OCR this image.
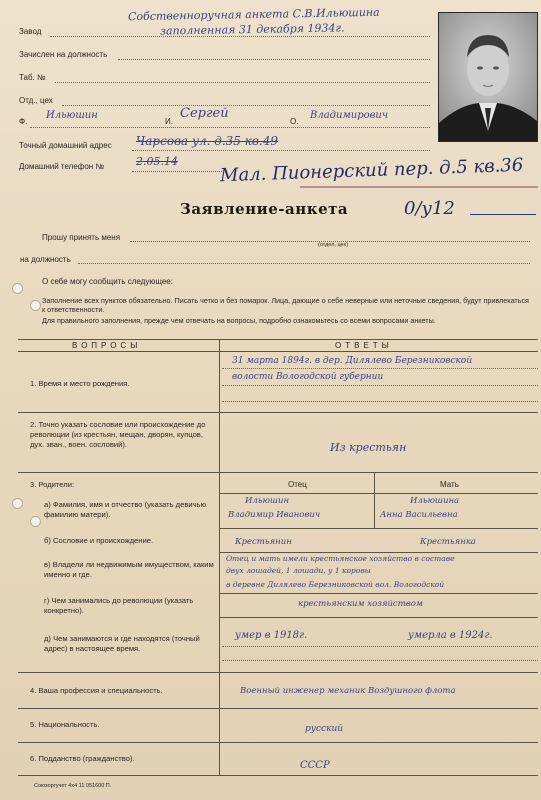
Собственноручная анкета С.В.Ильюшина
заполненная 31 декабря 1934г.
Завод
Зачислен на должность
Таб. №
Отд., цех
Ф.
Ильюшин
И.
Сергей
О.
Владимирович
Точный домашний адрес Чарсова ул. д.35 кв.49
Домашний телефон №	2.05.14 Мал. Пионерский пер. д.5 кв.36
Заявление-анкета	0/у12
Прошу принять меня
(отдел, цех)
на должность
О себе могу сообщить следующее:
Заполнение всех пунктов обязательно. Писать четко и без помарок. Лица, дающие о себе неверные или неточные сведения, будут привлекаться к ответственности.
Для правильного заполнения, прежде чем отвечать на вопросы, подробно ознакомьтесь со всеми вопросами анкеты.
ВОПРОСЫ	ОТВЕТЫ
1. Время и место рождения.
31 марта 1894г. в дер. Дилялево Березниковской
волости Вологодской губернии
2. Точно указать сословие или происхождение до революции (из крестьян, мещан, дворян, купцов, дух. зван., воен. сословий).	Из крестьян
3. Родители:	Отец	Мать
а) Фамилия, имя и отчество (указать девичью фамилию матери).
Ильюшин
Владимир Иванович
Ильюшина
Анна Васильевна
б) Сословие и происхождение.	Крестьянин	Крестьянка
в) Владели ли недвижимым имуществом, каким именно и где.
Отец и мать имели крестьянское хозяйство в составе
двух лошадей, 1 лошади, у 1 коровы
в деревне Дилялево Березниковской вол. Вологодской
г) Чем занимались до революции (указать конкретно).
крестьянским хозяйством
д) Чем занимаются и где находятся (точный адрес) в настоящее время.
умер в 1918г.	умерла в 1924г.
4. Ваша профессия и специальность.	Военный инженер механик Воздушного флота
5. Национальность.	русский
6. Подданство (гражданство).
СССР
Союзоргучет 4х4 11 051600 П.
